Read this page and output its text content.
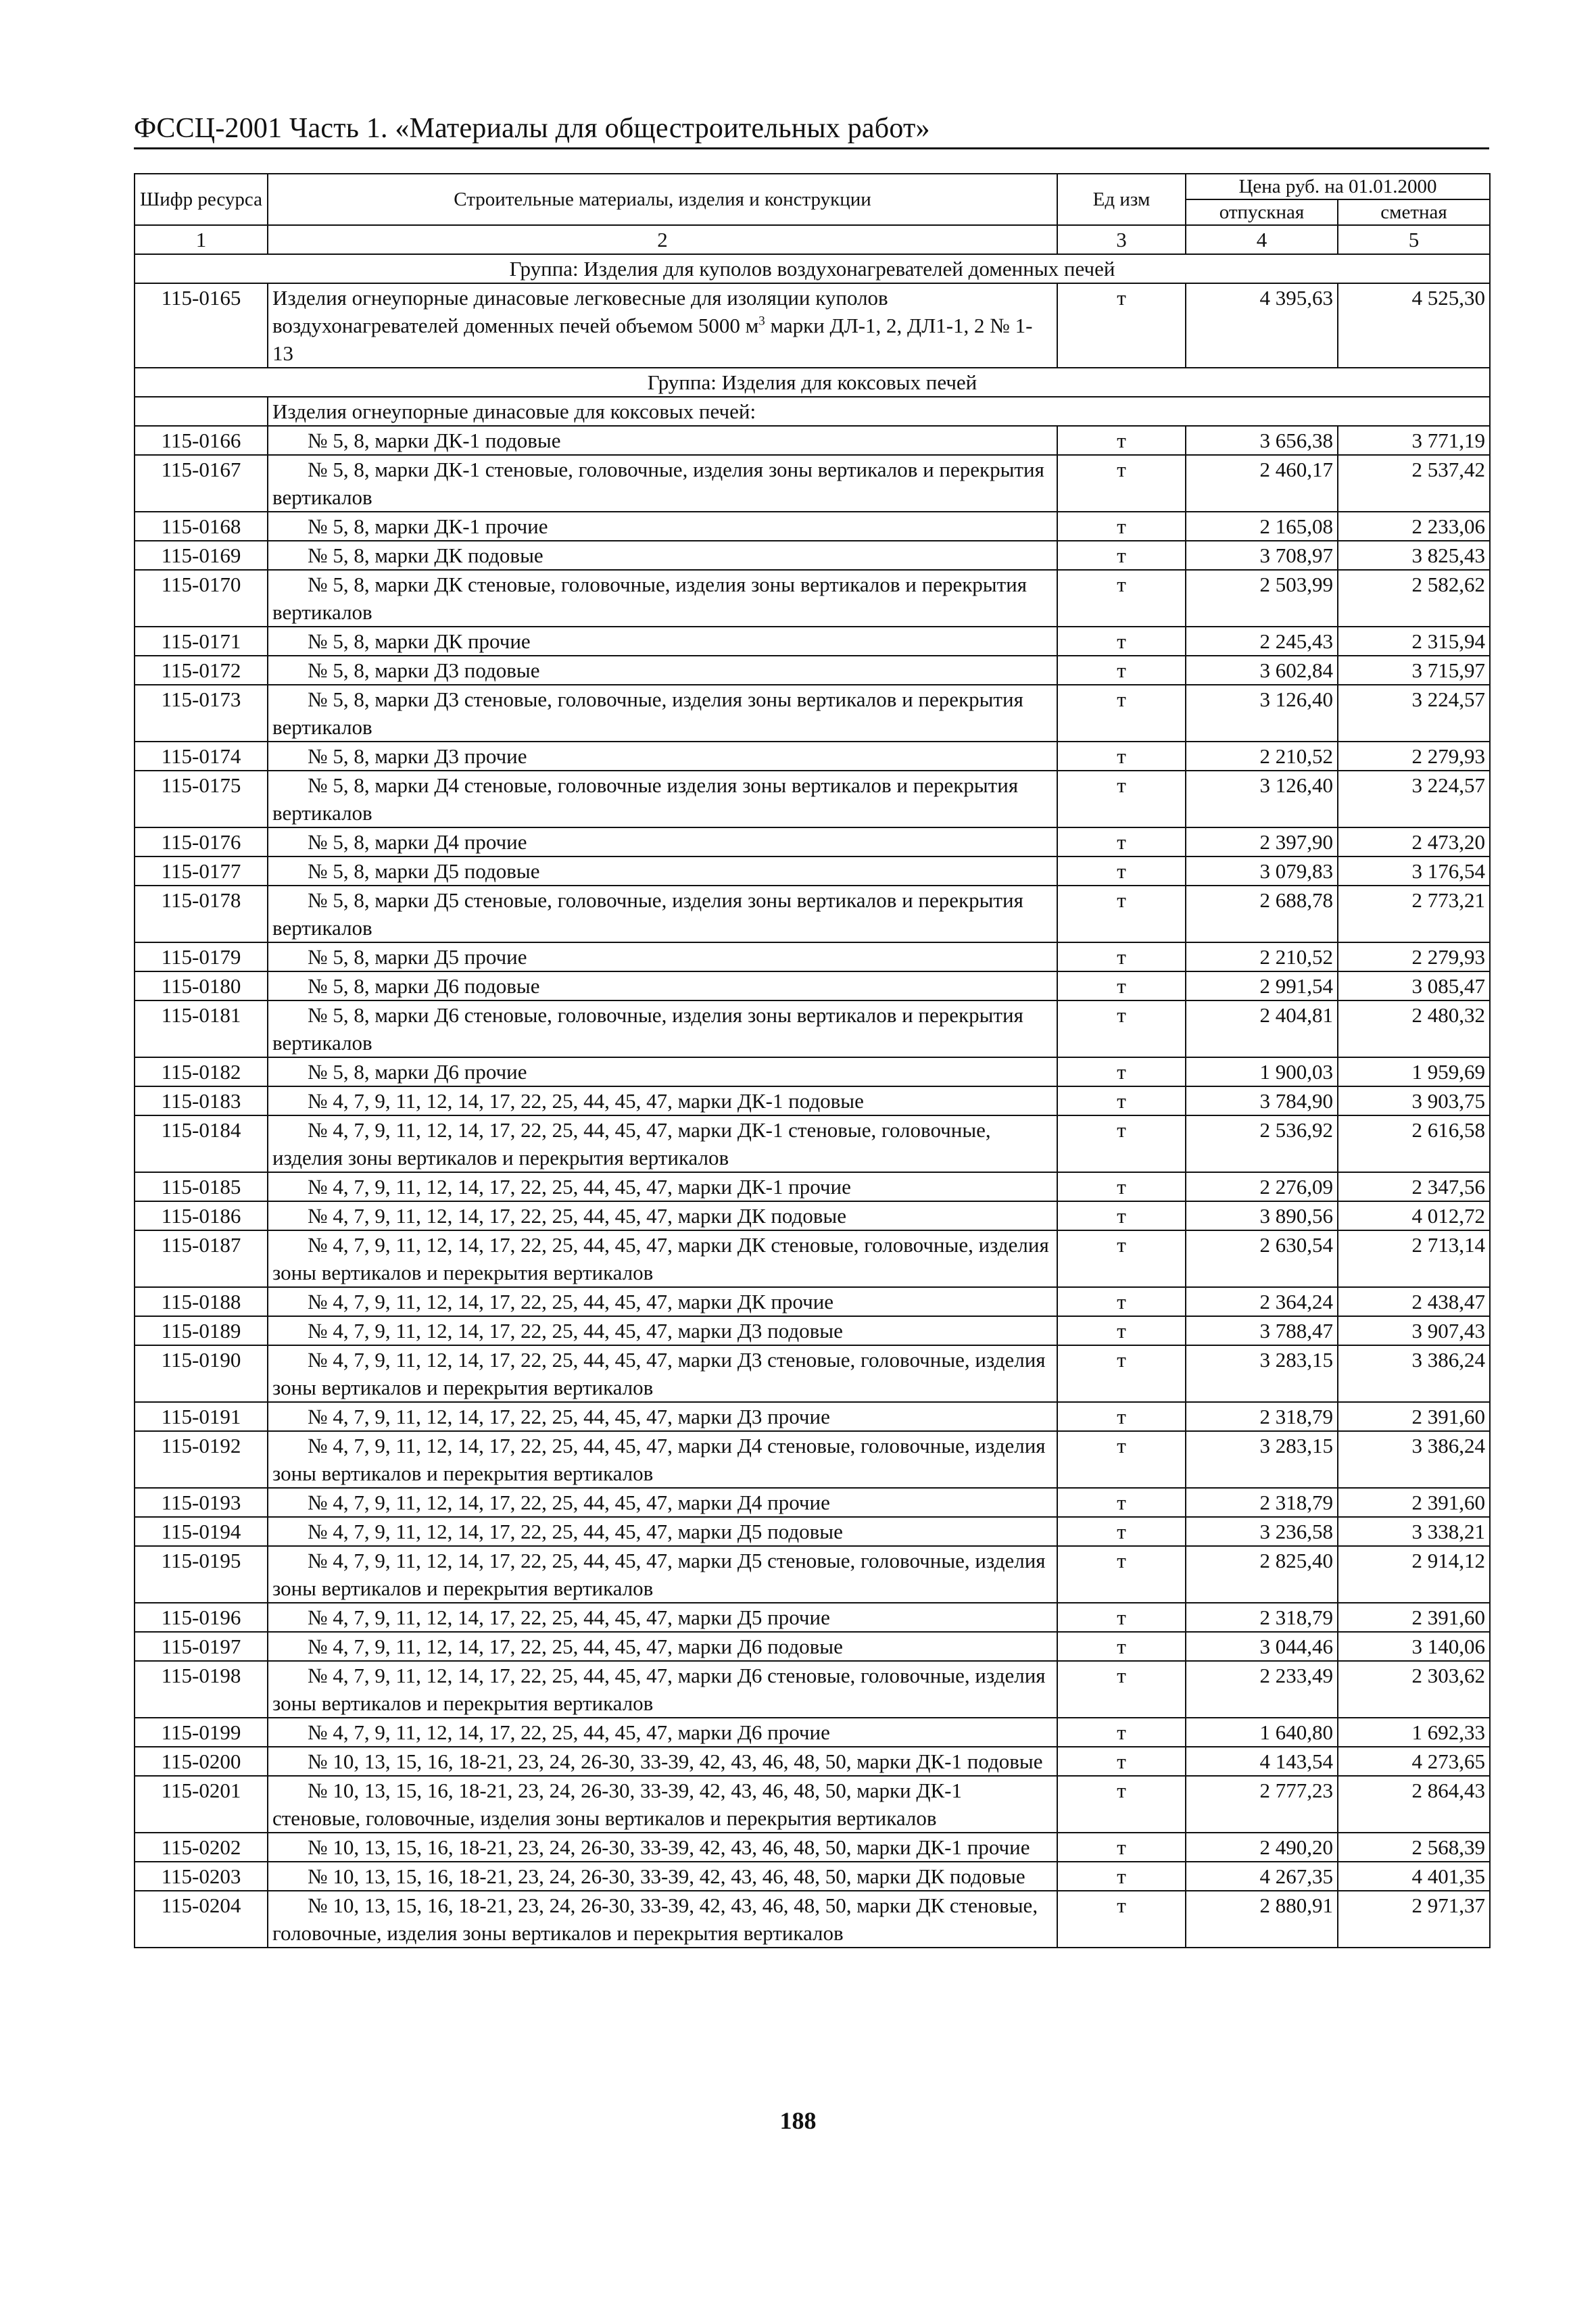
ФССЦ-2001 Часть 1. «Материалы для общестроительных работ»
Шифр ресурса	Строительные материалы, изделия и конструкции	Ед изм	Цена руб. на 01.01.2000	
			отпускная	сметная
1	2	3	4	5
Группа: Изделия для куполов воздухонагревателей доменных печей				
115-0165	Изделия огнеупорные динасовые легковесные для изоляции куполов воздухонагревателей доменных печей объемом 5000 $м^3$ марки ДЛ-1, 2, ДЛ1-1, 2 № 1-13	т	4 395,63	4 525,30
Группа: Изделия для коксовых печей				
	Изделия огнеупорные динасовые для коксовых печей:			
115-0166	№ 5, 8, марки ДК-1 подовые	т	3 656,38	3 771,19
115-0167	№ 5, 8, марки ДК-1 стеновые, головочные, изделия зоны вертикалов и перекрытия вертикалов	т	2 460,17	2 537,42
115-0168	№ 5, 8, марки ДК-1 прочие	т	2 165,08	2 233,06
115-0169	№ 5, 8, марки ДК подовые	т	3 708,97	3 825,43
115-0170	№ 5, 8, марки ДК стеновые, головочные, изделия зоны вертикалов и перекрытия вертикалов	т	2 503,99	2 582,62
115-0171	№ 5, 8, марки ДК прочие	т	2 245,43	2 315,94
115-0172	№ 5, 8, марки Д3 подовые	т	3 602,84	3 715,97
115-0173	№ 5, 8, марки Д3 стеновые, головочные, изделия зоны вертикалов и перекрытия вертикалов	т	3 126,40	3 224,57
115-0174	№ 5, 8, марки Д3 прочие	т	2 210,52	2 279,93
115-0175	№ 5, 8, марки Д4 стеновые, головочные изделия зоны вертикалов и перекрытия вертикалов	т	3 126,40	3 224,57
115-0176	№ 5, 8, марки Д4 прочие	т	2 397,90	2 473,20
115-0177	№ 5, 8, марки Д5 подовые	т	3 079,83	3 176,54
115-0178	№ 5, 8, марки Д5 стеновые, головочные, изделия зоны вертикалов и перекрытия вертикалов	т	2 688,78	2 773,21
115-0179	№ 5, 8, марки Д5 прочие	т	2 210,52	2 279,93
115-0180	№ 5, 8, марки Д6 подовые	т	2 991,54	3 085,47
115-0181	№ 5, 8, марки Д6 стеновые, головочные, изделия зоны вертикалов и перекрытия вертикалов	т	2 404,81	2 480,32
115-0182	№ 5, 8, марки Д6 прочие	т	1 900,03	1 959,69
115-0183	№ 4, 7, 9, 11, 12, 14, 17, 22, 25, 44, 45, 47, марки ДК-1 подовые	т	3 784,90	3 903,75
115-0184	№ 4, 7, 9, 11, 12, 14, 17, 22, 25, 44, 45, 47, марки ДК-1 стеновые, головочные, изделия зоны вертикалов и перекрытия вертикалов	т	2 536,92	2 616,58
115-0185	№ 4, 7, 9, 11, 12, 14, 17, 22, 25, 44, 45, 47, марки ДК-1 прочие	т	2 276,09	2 347,56
115-0186	№ 4, 7, 9, 11, 12, 14, 17, 22, 25, 44, 45, 47, марки ДК подовые	т	3 890,56	4 012,72
115-0187	№ 4, 7, 9, 11, 12, 14, 17, 22, 25, 44, 45, 47, марки ДК стеновые, головочные, изделия зоны вертикалов и перекрытия вертикалов	т	2 630,54	2 713,14
115-0188	№ 4, 7, 9, 11, 12, 14, 17, 22, 25, 44, 45, 47, марки ДК прочие	т	2 364,24	2 438,47
115-0189	№ 4, 7, 9, 11, 12, 14, 17, 22, 25, 44, 45, 47, марки Д3 подовые	т	3 788,47	3 907,43
115-0190	№ 4, 7, 9, 11, 12, 14, 17, 22, 25, 44, 45, 47, марки Д3 стеновые, головочные, изделия зоны вертикалов и перекрытия вертикалов	т	3 283,15	3 386,24
115-0191	№ 4, 7, 9, 11, 12, 14, 17, 22, 25, 44, 45, 47, марки Д3 прочие	т	2 318,79	2 391,60
115-0192	№ 4, 7, 9, 11, 12, 14, 17, 22, 25, 44, 45, 47, марки Д4 стеновые, головочные, изделия зоны вертикалов и перекрытия вертикалов	т	3 283,15	3 386,24
115-0193	№ 4, 7, 9, 11, 12, 14, 17, 22, 25, 44, 45, 47, марки Д4 прочие	т	2 318,79	2 391,60
115-0194	№ 4, 7, 9, 11, 12, 14, 17, 22, 25, 44, 45, 47, марки Д5 подовые	т	3 236,58	3 338,21
115-0195	№ 4, 7, 9, 11, 12, 14, 17, 22, 25, 44, 45, 47, марки Д5 стеновые, головочные, изделия зоны вертикалов и перекрытия вертикалов	т	2 825,40	2 914,12
115-0196	№ 4, 7, 9, 11, 12, 14, 17, 22, 25, 44, 45, 47, марки Д5 прочие	т	2 318,79	2 391,60
115-0197	№ 4, 7, 9, 11, 12, 14, 17, 22, 25, 44, 45, 47, марки Д6 подовые	т	3 044,46	3 140,06
115-0198	№ 4, 7, 9, 11, 12, 14, 17, 22, 25, 44, 45, 47, марки Д6 стеновые, головочные, изделия зоны вертикалов и перекрытия вертикалов	т	2 233,49	2 303,62
115-0199	№ 4, 7, 9, 11, 12, 14, 17, 22, 25, 44, 45, 47, марки Д6 прочие	т	1 640,80	1 692,33
115-0200	№ 10, 13, 15, 16, 18-21, 23, 24, 26-30, 33-39, 42, 43, 46, 48, 50, марки ДК-1 подовые	т	4 143,54	4 273,65
115-0201	№ 10, 13, 15, 16, 18-21, 23, 24, 26-30, 33-39, 42, 43, 46, 48, 50, марки ДК-1 стеновые, головочные, изделия зоны вертикалов и перекрытия вертикалов	т	2 777,23	2 864,43
115-0202	№ 10, 13, 15, 16, 18-21, 23, 24, 26-30, 33-39, 42, 43, 46, 48, 50, марки ДК-1 прочие	т	2 490,20	2 568,39
115-0203	№ 10, 13, 15, 16, 18-21, 23, 24, 26-30, 33-39, 42, 43, 46, 48, 50, марки ДК подовые	т	4 267,35	4 401,35
115-0204	№ 10, 13, 15, 16, 18-21, 23, 24, 26-30, 33-39, 42, 43, 46, 48, 50, марки ДК стеновые, головочные, изделия зоны вертикалов и перекрытия вертикалов	т	2 880,91	2 971,37
188
